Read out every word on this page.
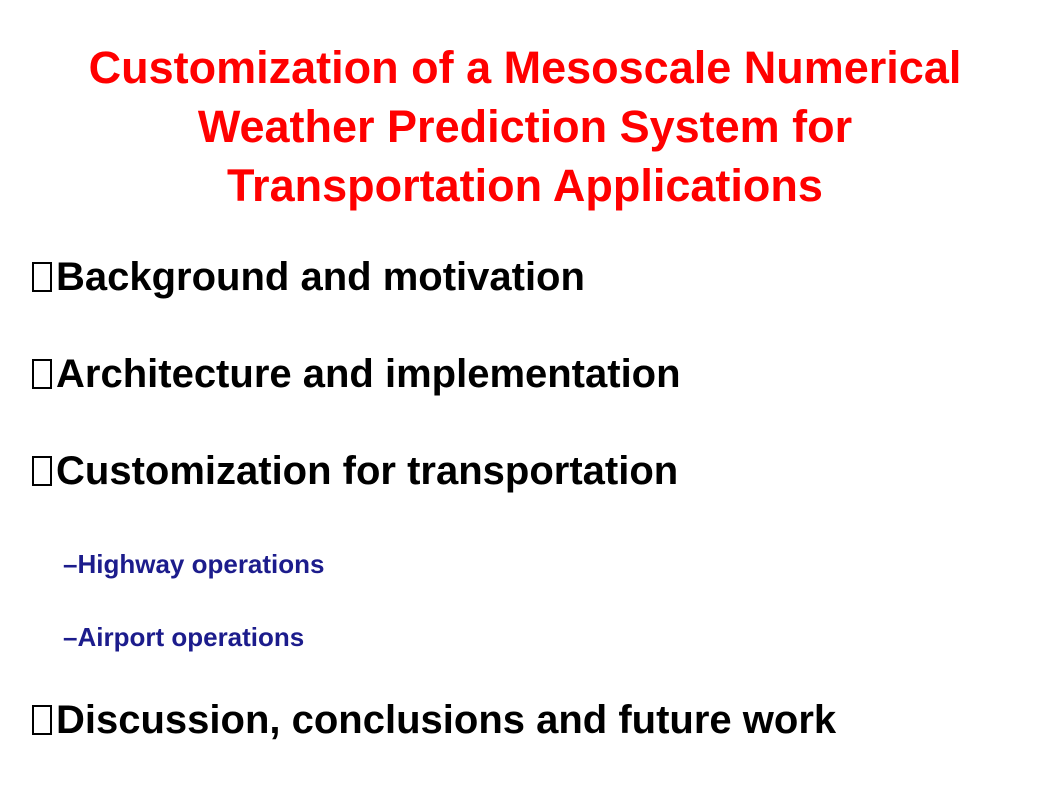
Customization of a Mesoscale Numerical
Weather Prediction System for
Transportation Applications
Background and motivation
Architecture and implementation
Customization for transportation
–Highway operations
–Airport operations
Discussion, conclusions and future work
